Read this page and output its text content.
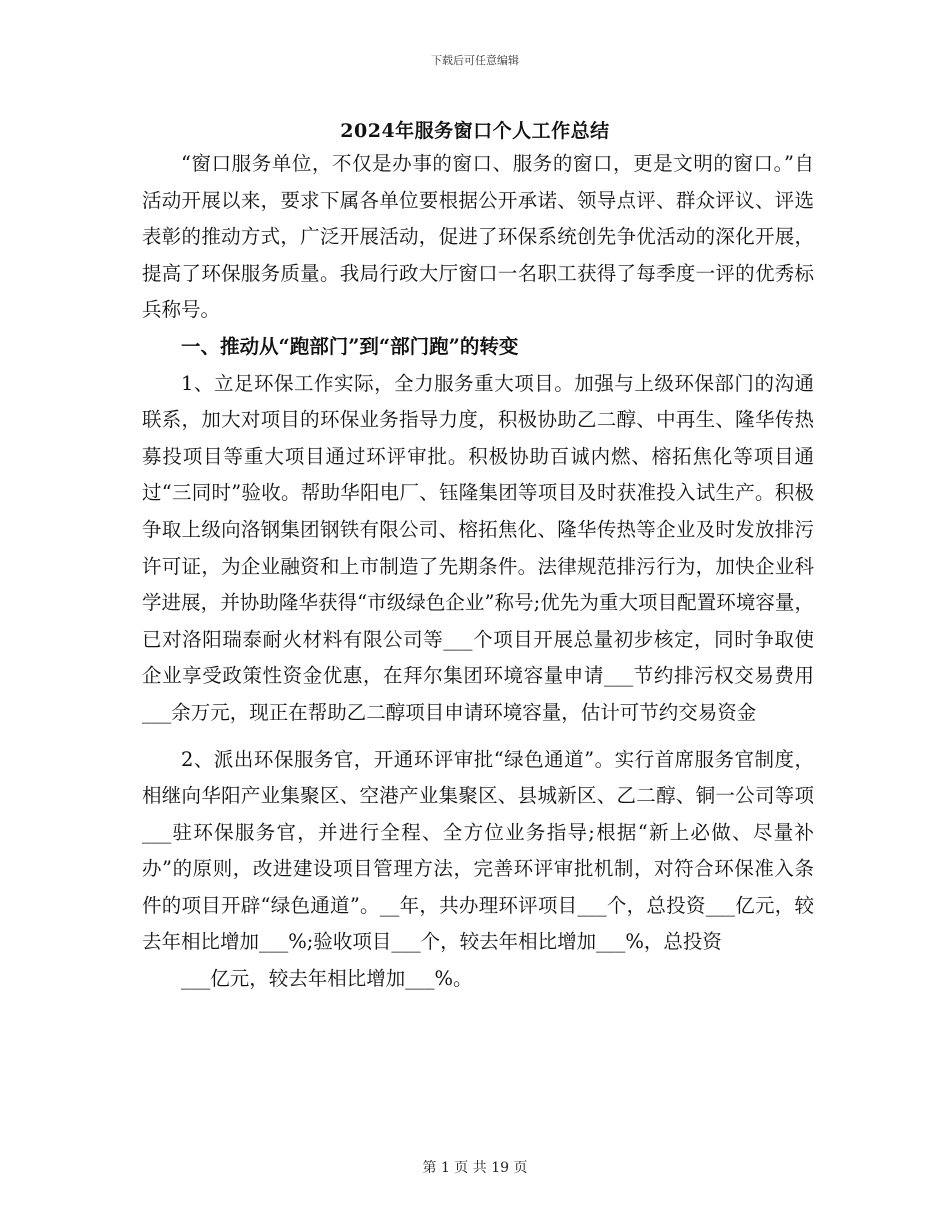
下载后可任意编辑
2024年服务窗口个人工作总结

“窗口服务单位，不仅是办事的窗口、服务的窗口，更是文明的窗口。”自活动开展以来，要求下属各单位要根据公开承诺、领导点评、群众评议、评选表彰的推动方式，广泛开展活动，促进了环保系统创先争优活动的深化开展，提高了环保服务质量。我局行政大厅窗口一名职工获得了每季度一评的优秀标兵称号。

一、推动从“跑部门”到“部门跑”的转变

1、立足环保工作实际，全力服务重大项目。加强与上级环保部门的沟通联系，加大对项目的环保业务指导力度，积极协助乙二醇、中再生、隆华传热募投项目等重大项目通过环评审批。积极协助百诚内燃、榕拓焦化等项目通过“三同时”验收。帮助华阳电厂、钰隆集团等项目及时获准投入试生产。积极争取上级向洛钢集团钢铁有限公司、榕拓焦化、隆华传热等企业及时发放排污许可证，为企业融资和上市制造了先期条件。法律规范排污行为，加快企业科学进展，并协助隆华获得“市级绿色企业”称号;优先为重大项目配置环境容量，已对洛阳瑞泰耐火材料有限公司等___个项目开展总量初步核定，同时争取使企业享受政策性资金优惠，在拜尔集团环境容量申请___节约排污权交易费用___余万元，现正在帮助乙二醇项目申请环境容量，估计可节约交易资金

2、派出环保服务官，开通环评审批“绿色通道”。实行首席服务官制度，相继向华阳产业集聚区、空港产业集聚区、县城新区、乙二醇、铜一公司等项___驻环保服务官，并进行全程、全方位业务指导;根据“新上必做、尽量补办”的原则，改进建设项目管理方法，完善环评审批机制，对符合环保准入条件的项目开辟“绿色通道”。__年，共办理环评项目___个，总投资___亿元，较去年相比增加___%;验收项目___个，较去年相比增加___%，总投资

___亿元，较去年相比增加___%。

第 1 页 共 19 页
